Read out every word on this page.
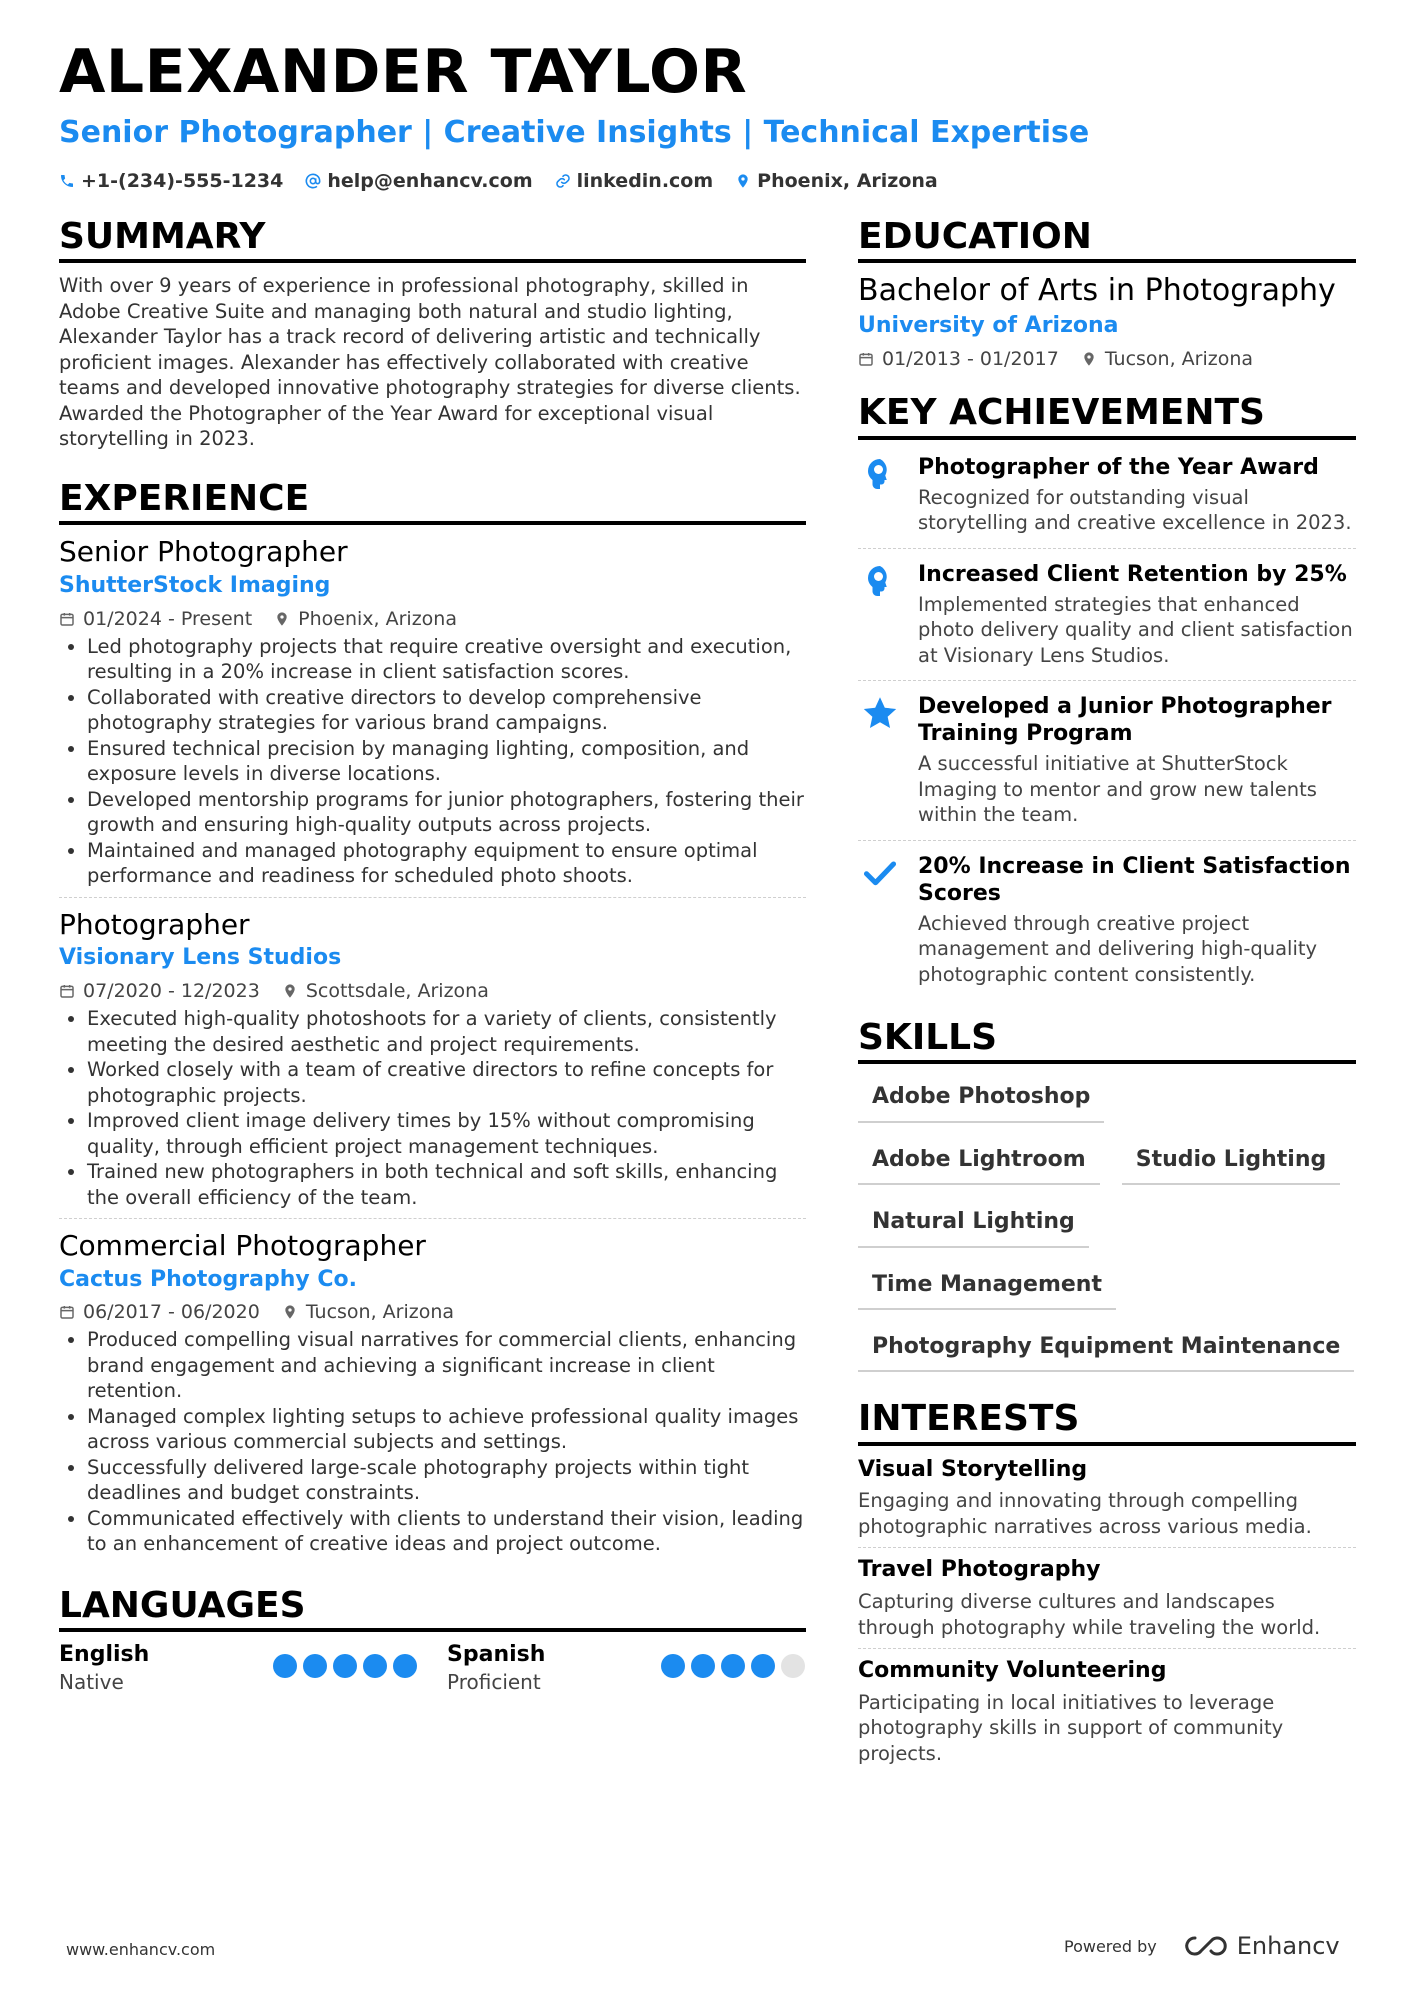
ALEXANDER TAYLOR
Senior Photographer | Creative Insights | Technical Expertise
+1-(234)-555-1234 help@enhancv.com linkedin.com Phoenix, Arizona
SUMMARY

With over 9 years of experience in professional photography, skilled in Adobe Creative Suite and managing both natural and studio lighting, Alexander Taylor has a track record of delivering artistic and technically proficient images. Alexander has effectively collaborated with creative teams and developed innovative photography strategies for diverse clients. Awarded the Photographer of the Year Award for exceptional visual storytelling in 2023.

EXPERIENCE

Senior Photographer

ShutterStock Imaging

01/2024 - Present Phoenix, Arizona
• Led photography projects that require creative oversight and execution, resulting in a 20% increase in client satisfaction scores.
• Collaborated with creative directors to develop comprehensive photography strategies for various brand campaigns.
• Ensured technical precision by managing lighting, composition, and exposure levels in diverse locations.
• Developed mentorship programs for junior photographers, fostering their growth and ensuring high-quality outputs across projects.
• Maintained and managed photography equipment to ensure optimal performance and readiness for scheduled photo shoots.

Photographer

Visionary Lens Studios

07/2020 - 12/2023 Scottsdale, Arizona
• Executed high-quality photoshoots for a variety of clients, consistently meeting the desired aesthetic and project requirements.
• Worked closely with a team of creative directors to refine concepts for photographic projects.
• Improved client image delivery times by 15% without compromising quality, through efficient project management techniques.
• Trained new photographers in both technical and soft skills, enhancing the overall efficiency of the team.

Commercial Photographer

Cactus Photography Co.

06/2017 - 06/2020 Tucson, Arizona
• Produced compelling visual narratives for commercial clients, enhancing brand engagement and achieving a significant increase in client retention.
• Managed complex lighting setups to achieve professional quality images across various commercial subjects and settings.
• Successfully delivered large-scale photography projects within tight deadlines and budget constraints.
• Communicated effectively with clients to understand their vision, leading to an enhancement of creative ideas and project outcome.
LANGUAGES
English
Native
Spanish
Proficient
EDUCATION

Bachelor of Arts in Photography

University of Arizona

01/2013 - 01/2017 Tucson, Arizona
KEY ACHIEVEMENTS

Photographer of the Year Award

Recognized for outstanding visual storytelling and creative excellence in 2023.

Increased Client Retention by 25%

Implemented strategies that enhanced photo delivery quality and client satisfaction at Visionary Lens Studios.

Developed a Junior Photographer Training Program

A successful initiative at ShutterStock Imaging to mentor and grow new talents within the team.

20% Increase in Client Satisfaction Scores

Achieved through creative project management and delivering high-quality photographic content consistently.

SKILLS
Adobe Photoshop
Adobe Lightroom	Studio Lighting
Natural Lighting
Time Management
Photography Equipment Maintenance
INTERESTS

Visual Storytelling

Engaging and innovating through compelling photographic narratives across various media.

Travel Photography

Capturing diverse cultures and landscapes through photography while traveling the world.

Community Volunteering

Participating in local initiatives to leverage photography skills in support of community projects.

www.enhancv.com	Powered by	Enhancv
